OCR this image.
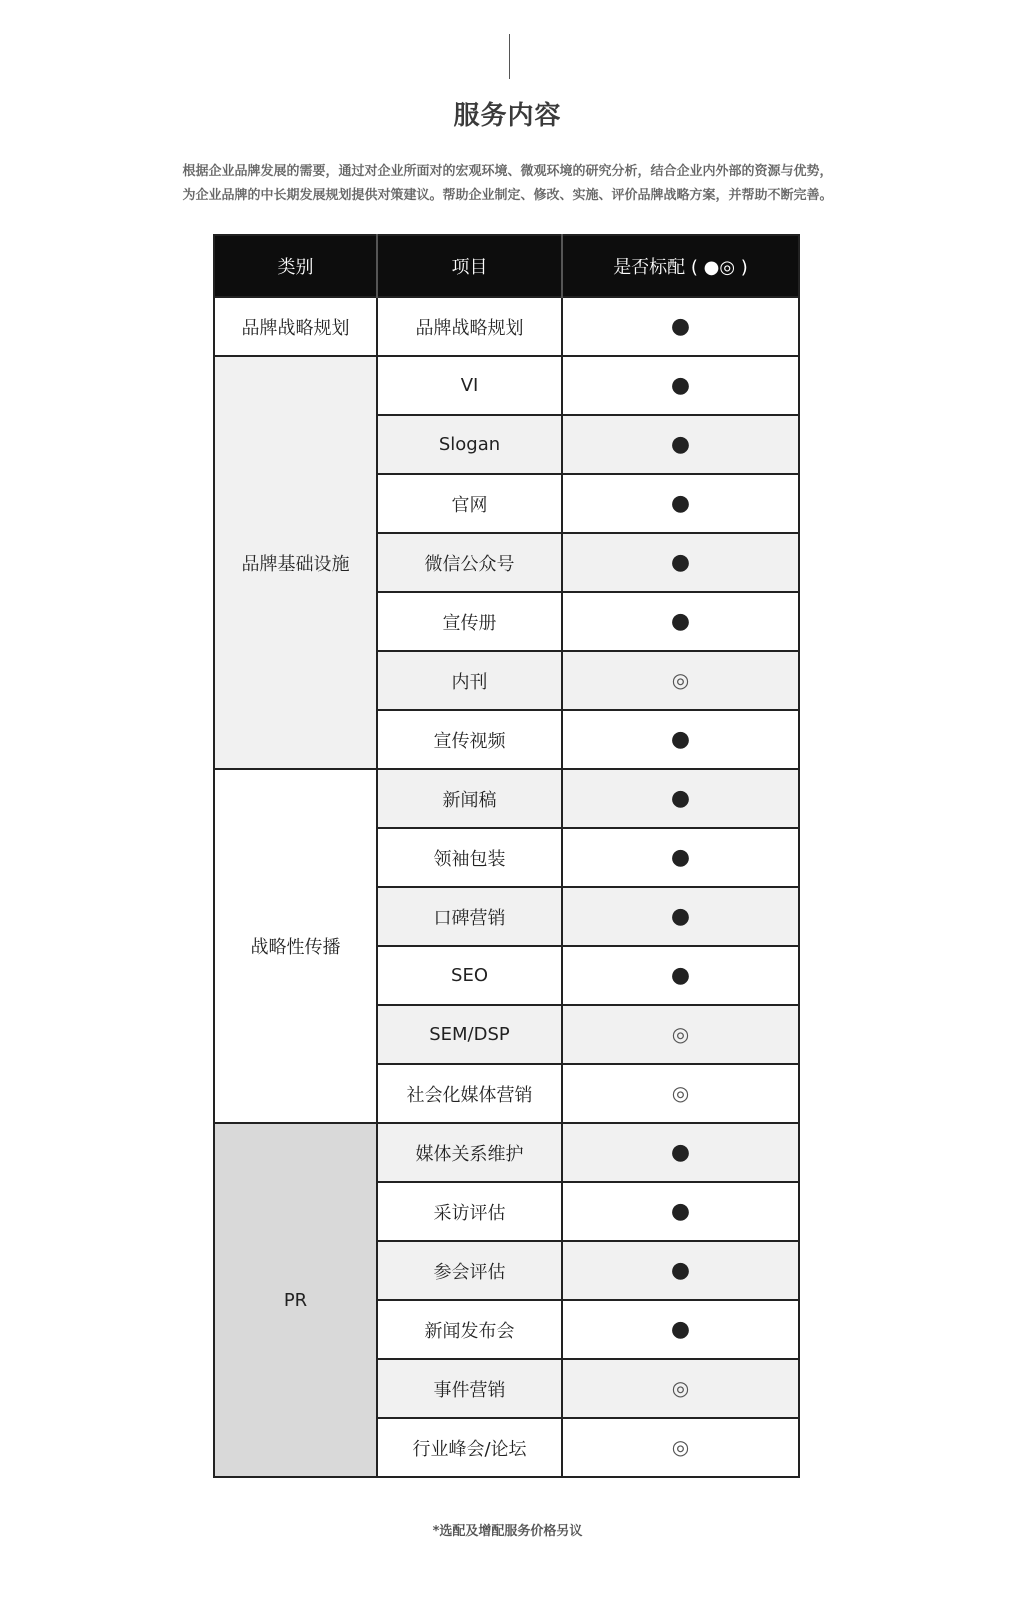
服务内容
根据企业品牌发展的需要，通过对企业所面对的宏观环境、微观环境的研究分析，结合企业内外部的资源与优势，
为企业品牌的中长期发展规划提供对策建议。帮助企业制定、修改、实施、评价品牌战略方案，并帮助不断完善。
类别	项目	是否标配 ( ●◎ )
品牌战略规划	品牌战略规划	●
品牌基础设施	VI	●
	Slogan	●
	官网	●
	微信公众号	●
	宣传册	●
	内刊	◎
	宣传视频	●
战略性传播	新闻稿	●
	领袖包装	●
	口碑营销	●
	SEO	●
	SEM/DSP	◎
	社会化媒体营销	◎
PR	媒体关系维护	●
	采访评估	●
	参会评估	●
	新闻发布会	●
	事件营销	◎
	行业峰会/论坛	◎
*选配及增配服务价格另议
